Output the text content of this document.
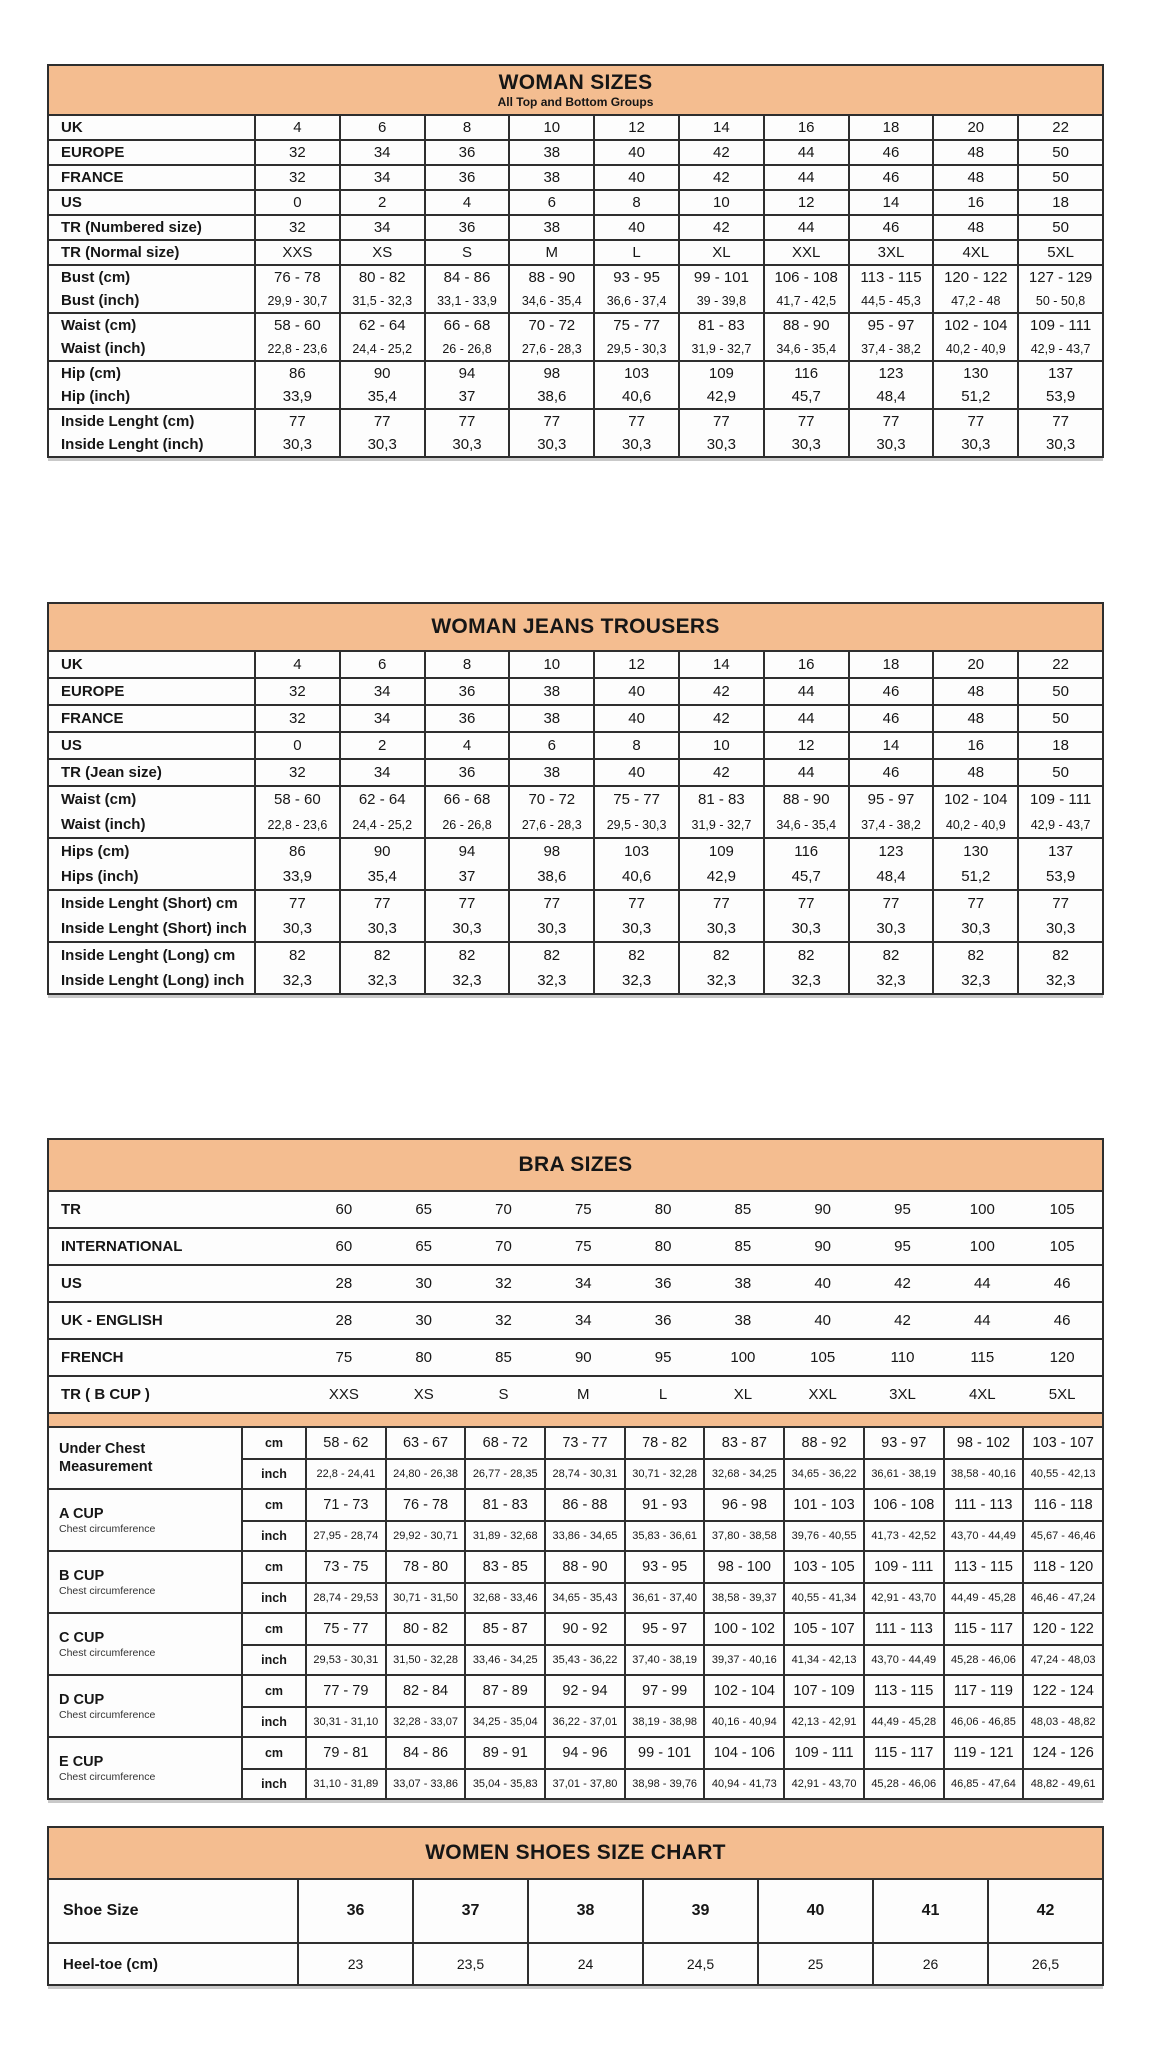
WOMAN SIZES
All Top and Bottom Groups
UK	4	6	8	10	12	14	16	18	20	22
EUROPE	32	34	36	38	40	42	44	46	48	50
FRANCE	32	34	36	38	40	42	44	46	48	50
US	0	2	4	6	8	10	12	14	16	18
TR (Numbered size)	32	34	36	38	40	42	44	46	48	50
TR (Normal size)	XXS	XS	S	M	L	XL	XXL	3XL	4XL	5XL
Bust (cm)	76 - 78	80 - 82	84 - 86	88 - 90	93 - 95	99 - 101	106 - 108	113 - 115	120 - 122	127 - 129
Bust (inch)	29,9 - 30,7	31,5 - 32,3	33,1 - 33,9	34,6 - 35,4	36,6 - 37,4	39 - 39,8	41,7 - 42,5	44,5 - 45,3	47,2 - 48	50 - 50,8
Waist (cm)	58 - 60	62 - 64	66 - 68	70 - 72	75 - 77	81 - 83	88 - 90	95 - 97	102 - 104	109 - 111
Waist (inch)	22,8 - 23,6	24,4 - 25,2	26 - 26,8	27,6 - 28,3	29,5 - 30,3	31,9 - 32,7	34,6 - 35,4	37,4 - 38,2	40,2 - 40,9	42,9 - 43,7
Hip (cm)	86	90	94	98	103	109	116	123	130	137
Hip (inch)	33,9	35,4	37	38,6	40,6	42,9	45,7	48,4	51,2	53,9
Inside Lenght (cm)	77	77	77	77	77	77	77	77	77	77
Inside Lenght (inch)	30,3	30,3	30,3	30,3	30,3	30,3	30,3	30,3	30,3	30,3
WOMAN JEANS TROUSERS
UK	4	6	8	10	12	14	16	18	20	22
EUROPE	32	34	36	38	40	42	44	46	48	50
FRANCE	32	34	36	38	40	42	44	46	48	50
US	0	2	4	6	8	10	12	14	16	18
TR (Jean size)	32	34	36	38	40	42	44	46	48	50
Waist (cm)	58 - 60	62 - 64	66 - 68	70 - 72	75 - 77	81 - 83	88 - 90	95 - 97	102 - 104	109 - 111
Waist (inch)	22,8 - 23,6	24,4 - 25,2	26 - 26,8	27,6 - 28,3	29,5 - 30,3	31,9 - 32,7	34,6 - 35,4	37,4 - 38,2	40,2 - 40,9	42,9 - 43,7
Hips (cm)	86	90	94	98	103	109	116	123	130	137
Hips (inch)	33,9	35,4	37	38,6	40,6	42,9	45,7	48,4	51,2	53,9
Inside Lenght (Short) cm	77	77	77	77	77	77	77	77	77	77
Inside Lenght (Short) inch	30,3	30,3	30,3	30,3	30,3	30,3	30,3	30,3	30,3	30,3
Inside Lenght (Long) cm	82	82	82	82	82	82	82	82	82	82
Inside Lenght (Long) inch	32,3	32,3	32,3	32,3	32,3	32,3	32,3	32,3	32,3	32,3
BRA SIZES
TR	60	65	70	75	80	85	90	95	100	105
INTERNATIONAL	60	65	70	75	80	85	90	95	100	105
US	28	30	32	34	36	38	40	42	44	46
UK - ENGLISH	28	30	32	34	36	38	40	42	44	46
FRENCH	75	80	85	90	95	100	105	110	115	120
TR ( B CUP )	XXS	XS	S	M	L	XL	XXL	3XL	4XL	5XL
Under Chest
Measurement
cm	58 - 62	63 - 67	68 - 72	73 - 77	78 - 82	83 - 87	88 - 92	93 - 97	98 - 102	103 - 107
inch	22,8 - 24,41	24,80 - 26,38	26,77 - 28,35	28,74 - 30,31	30,71 - 32,28	32,68 - 34,25	34,65 - 36,22	36,61 - 38,19	38,58 - 40,16	40,55 - 42,13
A CUP
Chest circumference
cm	71 - 73	76 - 78	81 - 83	86 - 88	91 - 93	96 - 98	101 - 103	106 - 108	111 - 113	116 - 118
inch	27,95 - 28,74	29,92 - 30,71	31,89 - 32,68	33,86 - 34,65	35,83 - 36,61	37,80 - 38,58	39,76 - 40,55	41,73 - 42,52	43,70 - 44,49	45,67 - 46,46
B CUP
Chest circumference
cm	73 - 75	78 - 80	83 - 85	88 - 90	93 - 95	98 - 100	103 - 105	109 - 111	113 - 115	118 - 120
inch	28,74 - 29,53	30,71 - 31,50	32,68 - 33,46	34,65 - 35,43	36,61 - 37,40	38,58 - 39,37	40,55 - 41,34	42,91 - 43,70	44,49 - 45,28	46,46 - 47,24
C CUP
Chest circumference
cm	75 - 77	80 - 82	85 - 87	90 - 92	95 - 97	100 - 102	105 - 107	111 - 113	115 - 117	120 - 122
inch	29,53 - 30,31	31,50 - 32,28	33,46 - 34,25	35,43 - 36,22	37,40 - 38,19	39,37 - 40,16	41,34 - 42,13	43,70 - 44,49	45,28 - 46,06	47,24 - 48,03
D CUP
Chest circumference
cm	77 - 79	82 - 84	87 - 89	92 - 94	97 - 99	102 - 104	107 - 109	113 - 115	117 - 119	122 - 124
inch	30,31 - 31,10	32,28 - 33,07	34,25 - 35,04	36,22 - 37,01	38,19 - 38,98	40,16 - 40,94	42,13 - 42,91	44,49 - 45,28	46,06 - 46,85	48,03 - 48,82
E CUP
Chest circumference
cm	79 - 81	84 - 86	89 - 91	94 - 96	99 - 101	104 - 106	109 - 111	115 - 117	119 - 121	124 - 126
inch	31,10 - 31,89	33,07 - 33,86	35,04 - 35,83	37,01 - 37,80	38,98 - 39,76	40,94 - 41,73	42,91 - 43,70	45,28 - 46,06	46,85 - 47,64	48,82 - 49,61
WOMEN SHOES SIZE CHART
Shoe Size	36	37	38	39	40	41	42
Heel-toe (cm)	23	23,5	24	24,5	25	26	26,5
